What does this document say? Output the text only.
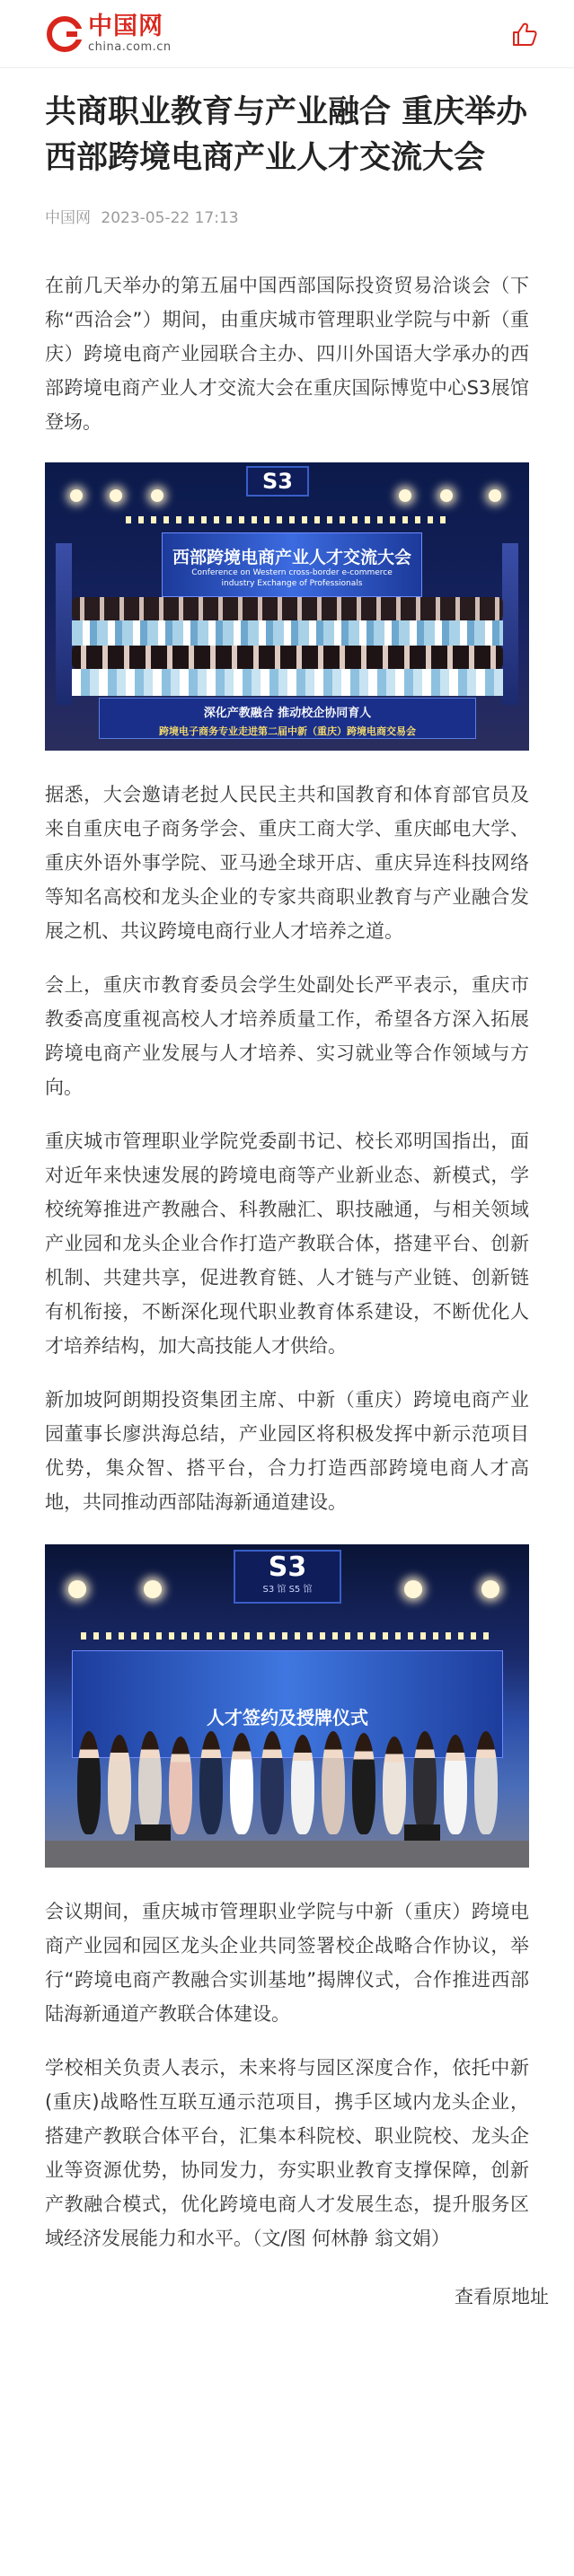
中国网
china.com.cn
共商职业教育与产业融合 重庆举办西部跨境电商产业人才交流大会
中国网 2023-05-22 17:13

在前几天举办的第五届中国西部国际投资贸易洽谈会（下称“西洽会”）期间，由重庆城市管理职业学院与中新（重庆）跨境电商产业园联合主办、四川外国语大学承办的西部跨境电商产业人才交流大会在重庆国际博览中心S3展馆登场。

S3
西部跨境电商产业人才交流大会
Conference on Western cross-border e-commerce industry Exchange of Professionals
深化产教融合 推动校企协同育人
跨境电子商务专业走进第二届中新（重庆）跨境电商交易会

据悉，大会邀请老挝人民民主共和国教育和体育部官员及来自重庆电子商务学会、重庆工商大学、重庆邮电大学、重庆外语外事学院、亚马逊全球开店、重庆异连科技网络等知名高校和龙头企业的专家共商职业教育与产业融合发展之机、共议跨境电商行业人才培养之道。

会上，重庆市教育委员会学生处副处长严平表示，重庆市教委高度重视高校人才培养质量工作，希望各方深入拓展跨境电商产业发展与人才培养、实习就业等合作领域与方向。

重庆城市管理职业学院党委副书记、校长邓明国指出，面对近年来快速发展的跨境电商等产业新业态、新模式，学校统筹推进产教融合、科教融汇、职技融通，与相关领域产业园和龙头企业合作打造产教联合体，搭建平台、创新机制、共建共享，促进教育链、人才链与产业链、创新链有机衔接，不断深化现代职业教育体系建设，不断优化人才培养结构，加大高技能人才供给。

新加坡阿朗期投资集团主席、中新（重庆）跨境电商产业园董事长廖洪海总结，产业园区将积极发挥中新示范项目优势，集众智、搭平台，合力打造西部跨境电商人才高地，共同推动西部陆海新通道建设。

S3
S3 馆 S5 馆
人才签约及授牌仪式

会议期间，重庆城市管理职业学院与中新（重庆）跨境电商产业园和园区龙头企业共同签署校企战略合作协议，举行“跨境电商产教融合实训基地”揭牌仪式，合作推进西部陆海新通道产教联合体建设。

学校相关负责人表示，未来将与园区深度合作，依托中新(重庆)战略性互联互通示范项目，携手区域内龙头企业，搭建产教联合体平台，汇集本科院校、职业院校、龙头企业等资源优势，协同发力，夯实职业教育支撑保障，创新产教融合模式，优化跨境电商人才发展生态，提升服务区域经济发展能力和水平。（文/图 何林静 翁文娟）

查看原地址
